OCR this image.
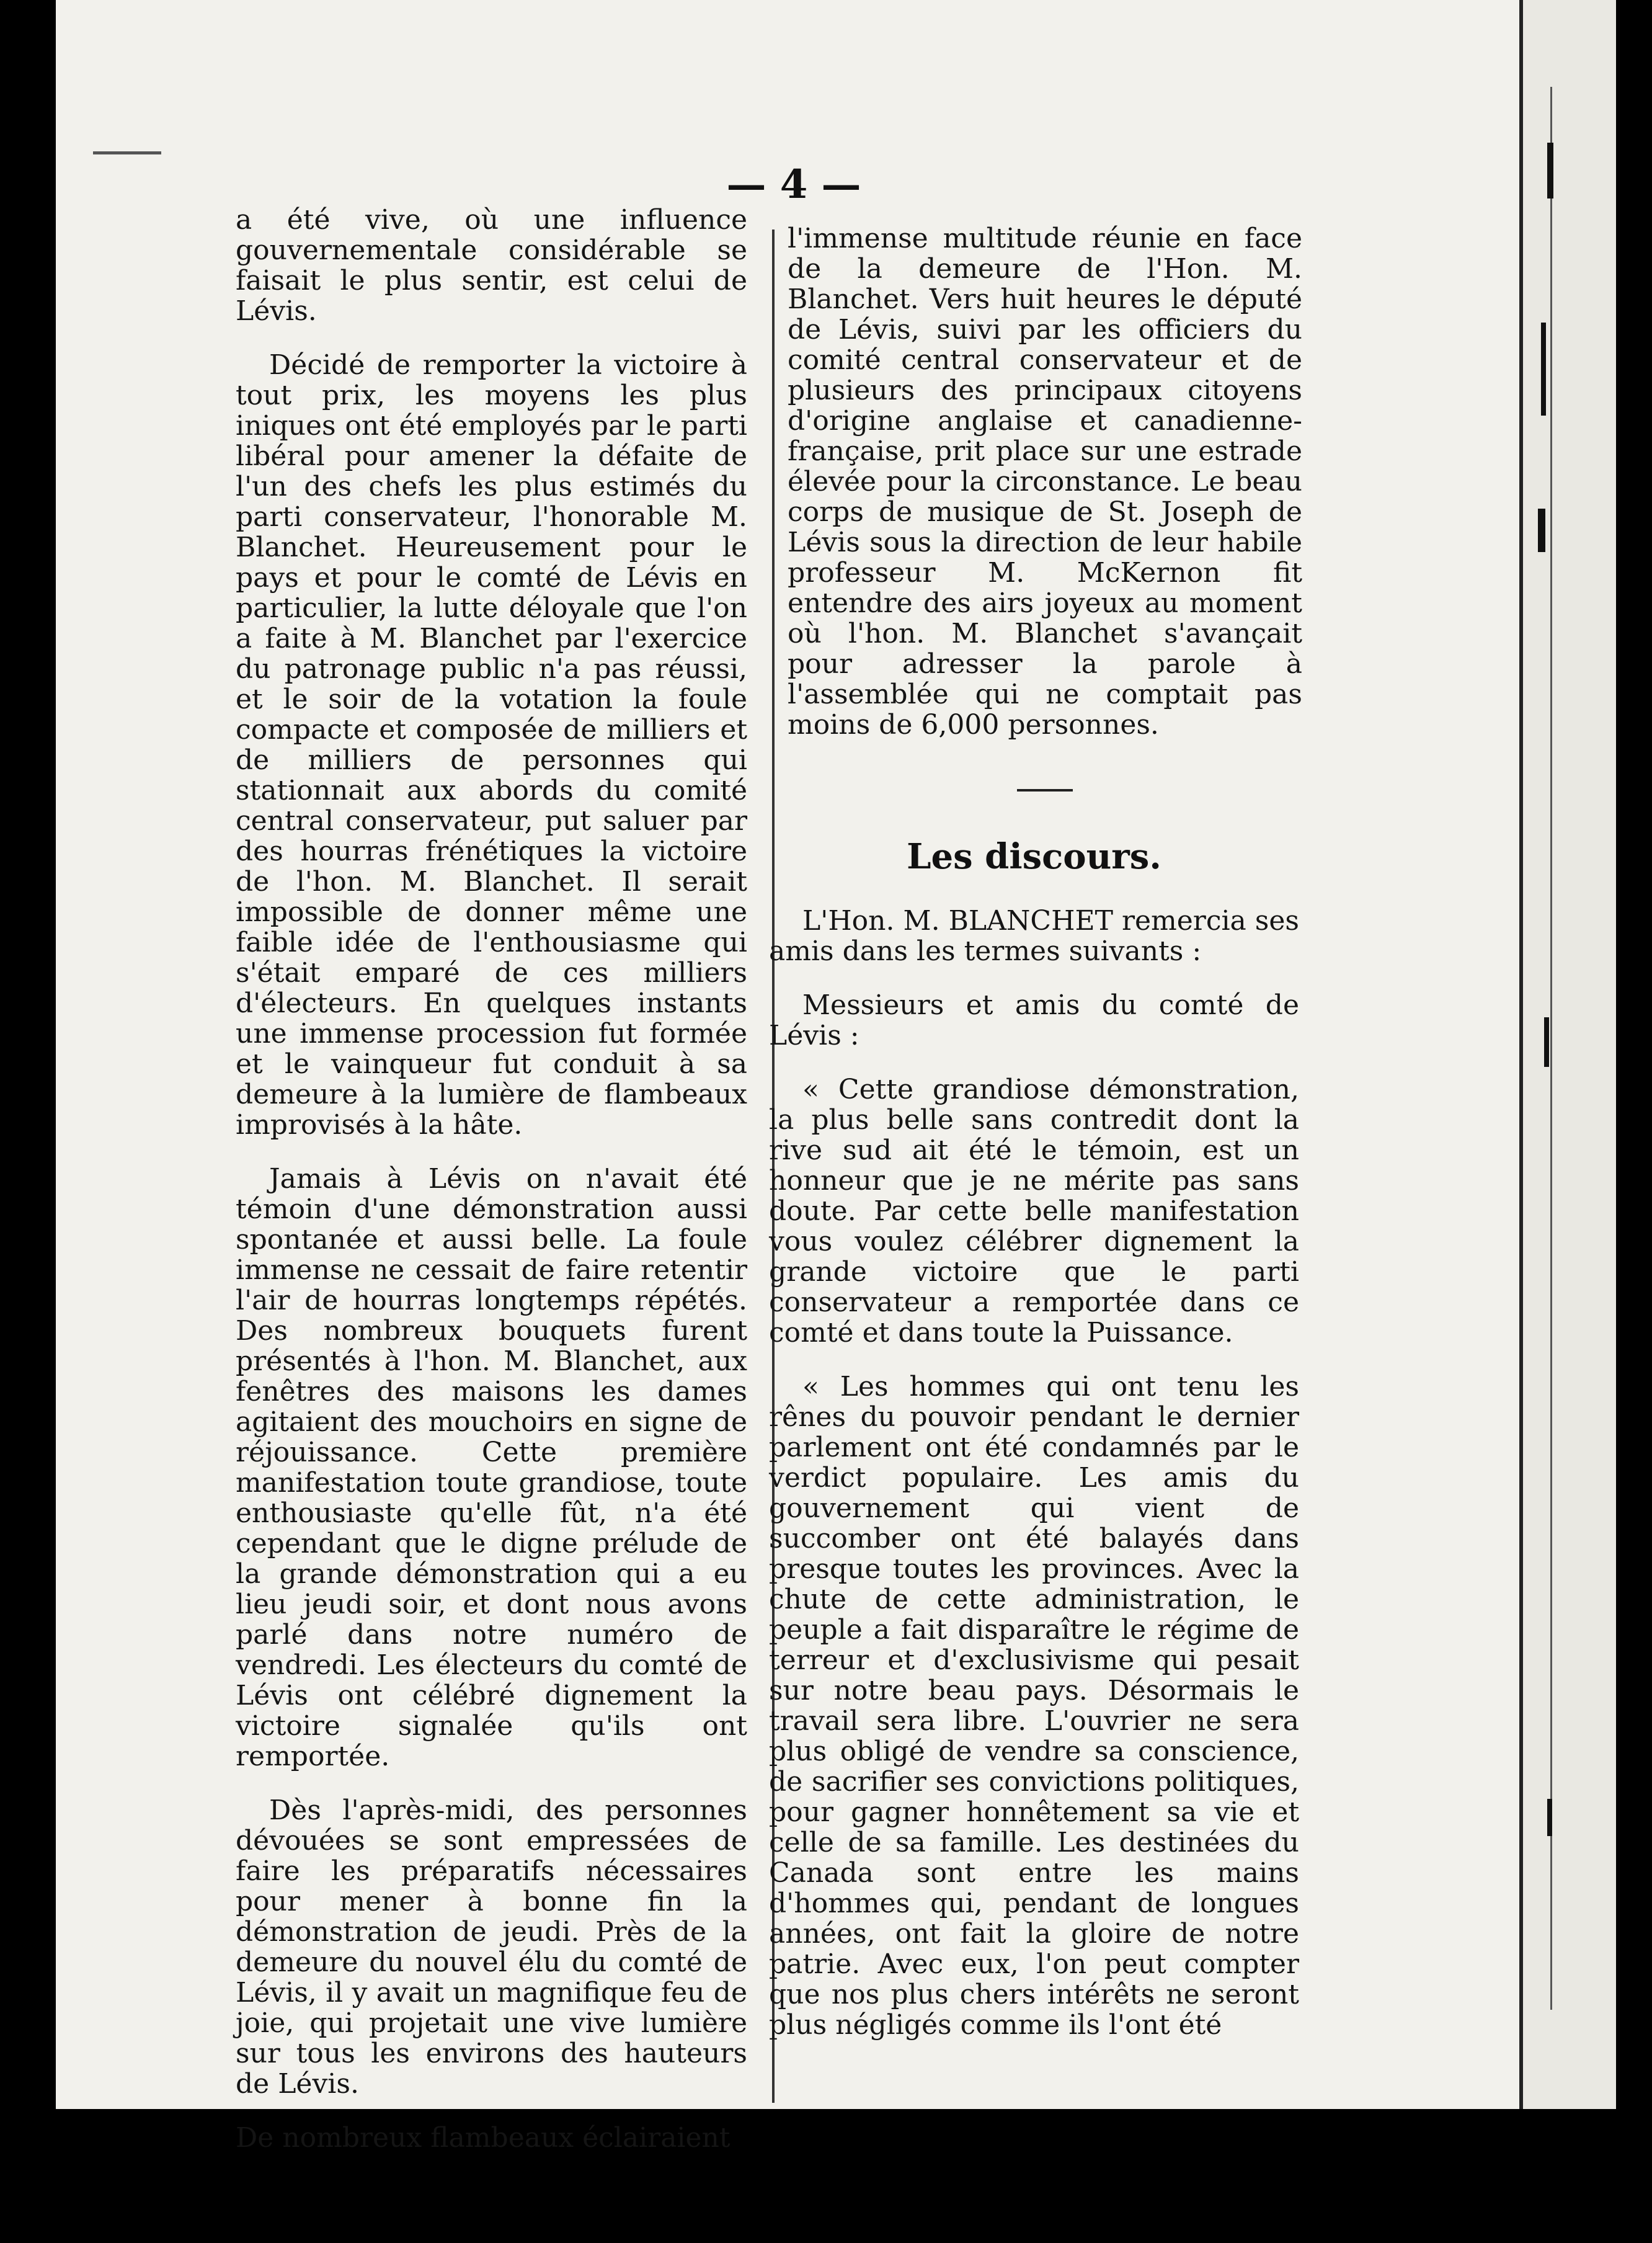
— 4 —

a été vive, où une influence gouvernementale considérable se faisait le plus sentir, est celui de Lévis.

Décidé de remporter la victoire à tout prix, les moyens les plus iniques ont été employés par le parti libéral pour amener la défaite de l'un des chefs les plus estimés du parti conservateur, l'honorable M. Blanchet. Heureusement pour le pays et pour le comté de Lévis en particulier, la lutte déloyale que l'on a faite à M. Blanchet par l'exercice du patronage public n'a pas réussi, et le soir de la votation la foule compacte et composée de milliers et de milliers de personnes qui stationnait aux abords du comité central conservateur, put saluer par des hourras frénétiques la victoire de l'hon. M. Blanchet. Il serait impossible de donner même une faible idée de l'enthousiasme qui s'était emparé de ces milliers d'électeurs. En quelques instants une immense procession fut formée et le vainqueur fut conduit à sa demeure à la lumière de flambeaux improvisés à la hâte.

Jamais à Lévis on n'avait été témoin d'une démonstration aussi spontanée et aussi belle. La foule immense ne cessait de faire retentir l'air de hourras longtemps répétés. Des nombreux bouquets furent présentés à l'hon. M. Blanchet, aux fenêtres des maisons les dames agitaient des mouchoirs en signe de réjouissance. Cette première manifestation toute grandiose, toute enthousiaste qu'elle fût, n'a été cependant que le digne prélude de la grande démonstration qui a eu lieu jeudi soir, et dont nous avons parlé dans notre numéro de vendredi. Les électeurs du comté de Lévis ont célébré dignement la victoire signalée qu'ils ont remportée.

Dès l'après-midi, des personnes dévouées se sont empressées de faire les préparatifs nécessaires pour mener à bonne fin la démonstration de jeudi. Près de la demeure du nouvel élu du comté de Lévis, il y avait un magnifique feu de joie, qui projetait une vive lumière sur tous les environs des hauteurs de Lévis.

De nombreux flambeaux éclairaient

l'immense multitude réunie en face de la demeure de l'Hon. M. Blanchet. Vers huit heures le député de Lévis, suivi par les officiers du comité central conservateur et de plusieurs des principaux citoyens d'origine anglaise et canadienne-française, prit place sur une estrade élevée pour la circonstance. Le beau corps de musique de St. Joseph de Lévis sous la direction de leur habile professeur M. McKernon fit entendre des airs joyeux au moment où l'hon. M. Blanchet s'avançait pour adresser la parole à l'assemblée qui ne comptait pas moins de 6,000 personnes.

Les discours.

L'Hon. M. BLANCHET remercia ses amis dans les termes suivants :

Messieurs et amis du comté de Lévis :

« Cette grandiose démonstration, la plus belle sans contredit dont la rive sud ait été le témoin, est un honneur que je ne mérite pas sans doute. Par cette belle manifestation vous voulez célébrer dignement la grande victoire que le parti conservateur a remportée dans ce comté et dans toute la Puissance.

« Les hommes qui ont tenu les rênes du pouvoir pendant le dernier parlement ont été condamnés par le verdict populaire. Les amis du gouvernement qui vient de succomber ont été balayés dans presque toutes les provinces. Avec la chute de cette administration, le peuple a fait disparaître le régime de terreur et d'exclusivisme qui pesait sur notre beau pays. Désormais le travail sera libre. L'ouvrier ne sera plus obligé de vendre sa conscience, de sacrifier ses convictions politiques, pour gagner honnêtement sa vie et celle de sa famille. Les destinées du Canada sont entre les mains d'hommes qui, pendant de longues années, ont fait la gloire de notre patrie. Avec eux, l'on peut compter que nos plus chers intérêts ne seront plus négligés comme ils l'ont été
